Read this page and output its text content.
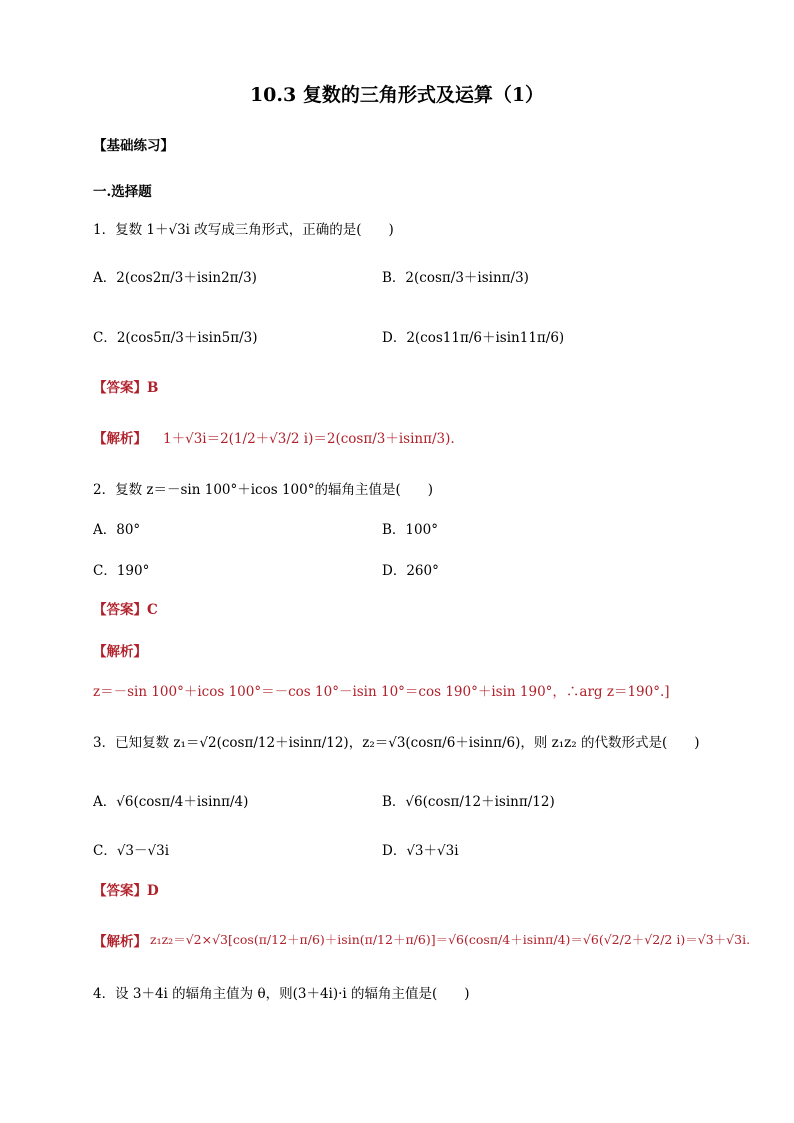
10.3 复数的三角形式及运算（1）
【基础练习】
一.选择题
1．复数 1＋√3i 改写成三角形式，正确的是(　　)
A．2(cos2π/3＋isin2π/3)	B．2(cosπ/3＋isinπ/3)
C．2(cos5π/3＋isin5π/3)	D．2(cos11π/6＋isin11π/6)
【答案】B
【解析】 1＋√3i＝2(1/2＋√3/2 i)＝2(cosπ/3＋isinπ/3).
2．复数 z＝－sin 100°＋icos 100°的辐角主值是(　　)
A．80°	B．100°
C．190°	D．260°
【答案】C
【解析】
z＝－sin 100°＋icos 100°＝－cos 10°－isin 10°＝cos 190°＋isin 190°，∴arg z＝190°.]
3．已知复数 z₁＝√2(cosπ/12＋isinπ/12)，z₂＝√3(cosπ/6＋isinπ/6)，则 z₁z₂ 的代数形式是(　　)
A．√6(cosπ/4＋isinπ/4)	B．√6(cosπ/12＋isinπ/12)
C．√3－√3i	D．√3＋√3i
【答案】D
【解析】 z₁z₂＝√2×√3[cos(π/12＋π/6)＋isin(π/12＋π/6)]＝√6(cosπ/4＋isinπ/4)＝√6(√2/2＋√2/2 i)＝√3＋√3i.
4．设 3＋4i 的辐角主值为 θ，则(3＋4i)·i 的辐角主值是(　　)
